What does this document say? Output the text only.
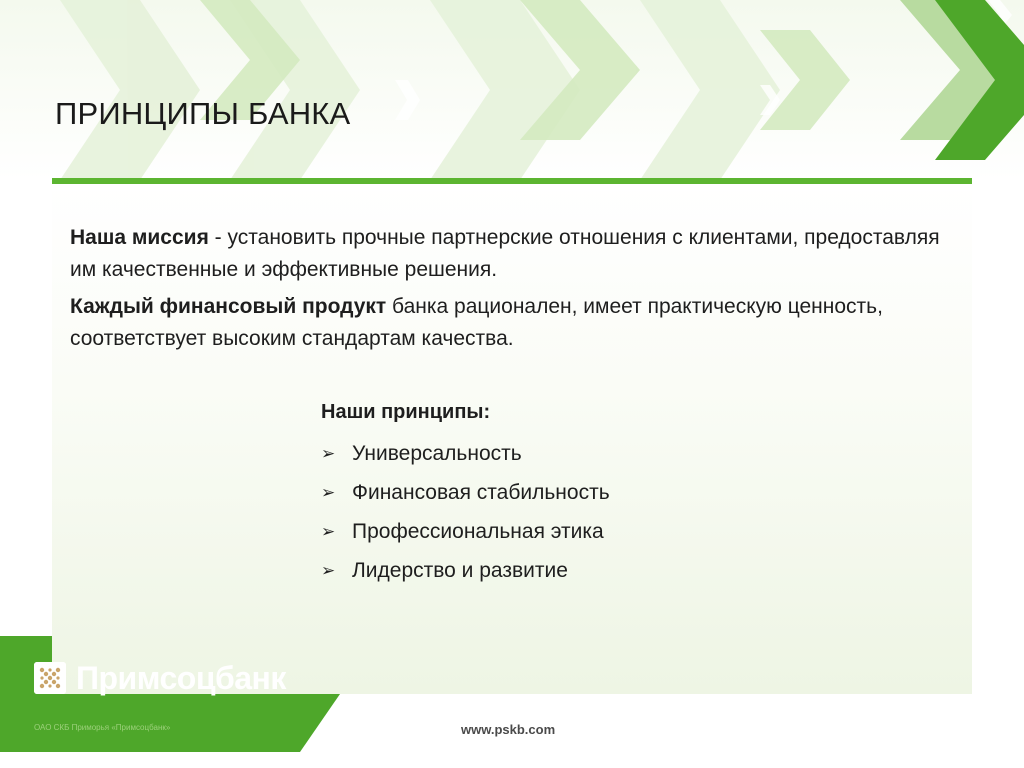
ПРИНЦИПЫ БАНКА
Наша миссия - установить прочные партнерские отношения с клиентами, предоставляя им качественные и эффективные решения.
Каждый финансовый продукт банка рационален, имеет практическую ценность, соответствует высоким стандартам качества.
Наши принципы:
➢ Универсальность
➢ Финансовая стабильность
➢ Профессиональная этика
➢ Лидерство и развитие
Примсоцбанк
ОАО СКБ Приморья «Примсоцбанк»	www.pskb.com
